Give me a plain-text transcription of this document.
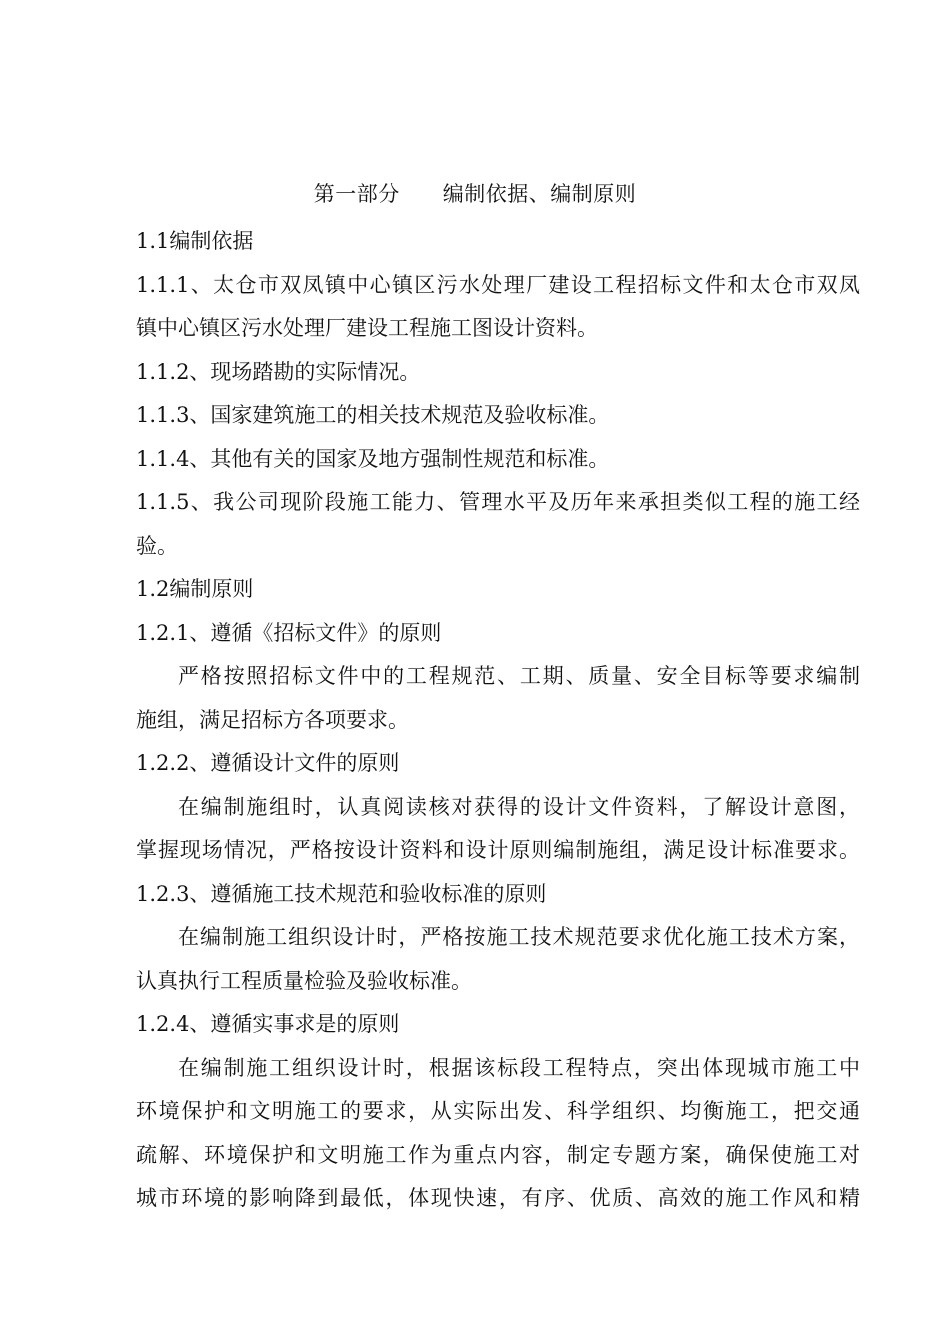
第一部分      编制依据、编制原则
1.1编制依据
1.1.1、太仓市双凤镇中心镇区污水处理厂建设工程招标文件和太仓市双凤
镇中心镇区污水处理厂建设工程施工图设计资料。
1.1.2、现场踏勘的实际情况。
1.1.3、国家建筑施工的相关技术规范及验收标准。
1.1.4、其他有关的国家及地方强制性规范和标准。
1.1.5、我公司现阶段施工能力、管理水平及历年来承担类似工程的施工经
验。
1.2编制原则
1.2.1、遵循《招标文件》的原则
严格按照招标文件中的工程规范、工期、质量、安全目标等要求编制
施组，满足招标方各项要求。
1.2.2、遵循设计文件的原则
在编制施组时，认真阅读核对获得的设计文件资料，了解设计意图，
掌握现场情况，严格按设计资料和设计原则编制施组，满足设计标准要求。
1.2.3、遵循施工技术规范和验收标准的原则
在编制施工组织设计时，严格按施工技术规范要求优化施工技术方案，
认真执行工程质量检验及验收标准。
1.2.4、遵循实事求是的原则
在编制施工组织设计时，根据该标段工程特点，突出体现城市施工中
环境保护和文明施工的要求，从实际出发、科学组织、均衡施工，把交通
疏解、环境保护和文明施工作为重点内容，制定专题方案，确保使施工对
城市环境的影响降到最低，体现快速，有序、优质、高效的施工作风和精
